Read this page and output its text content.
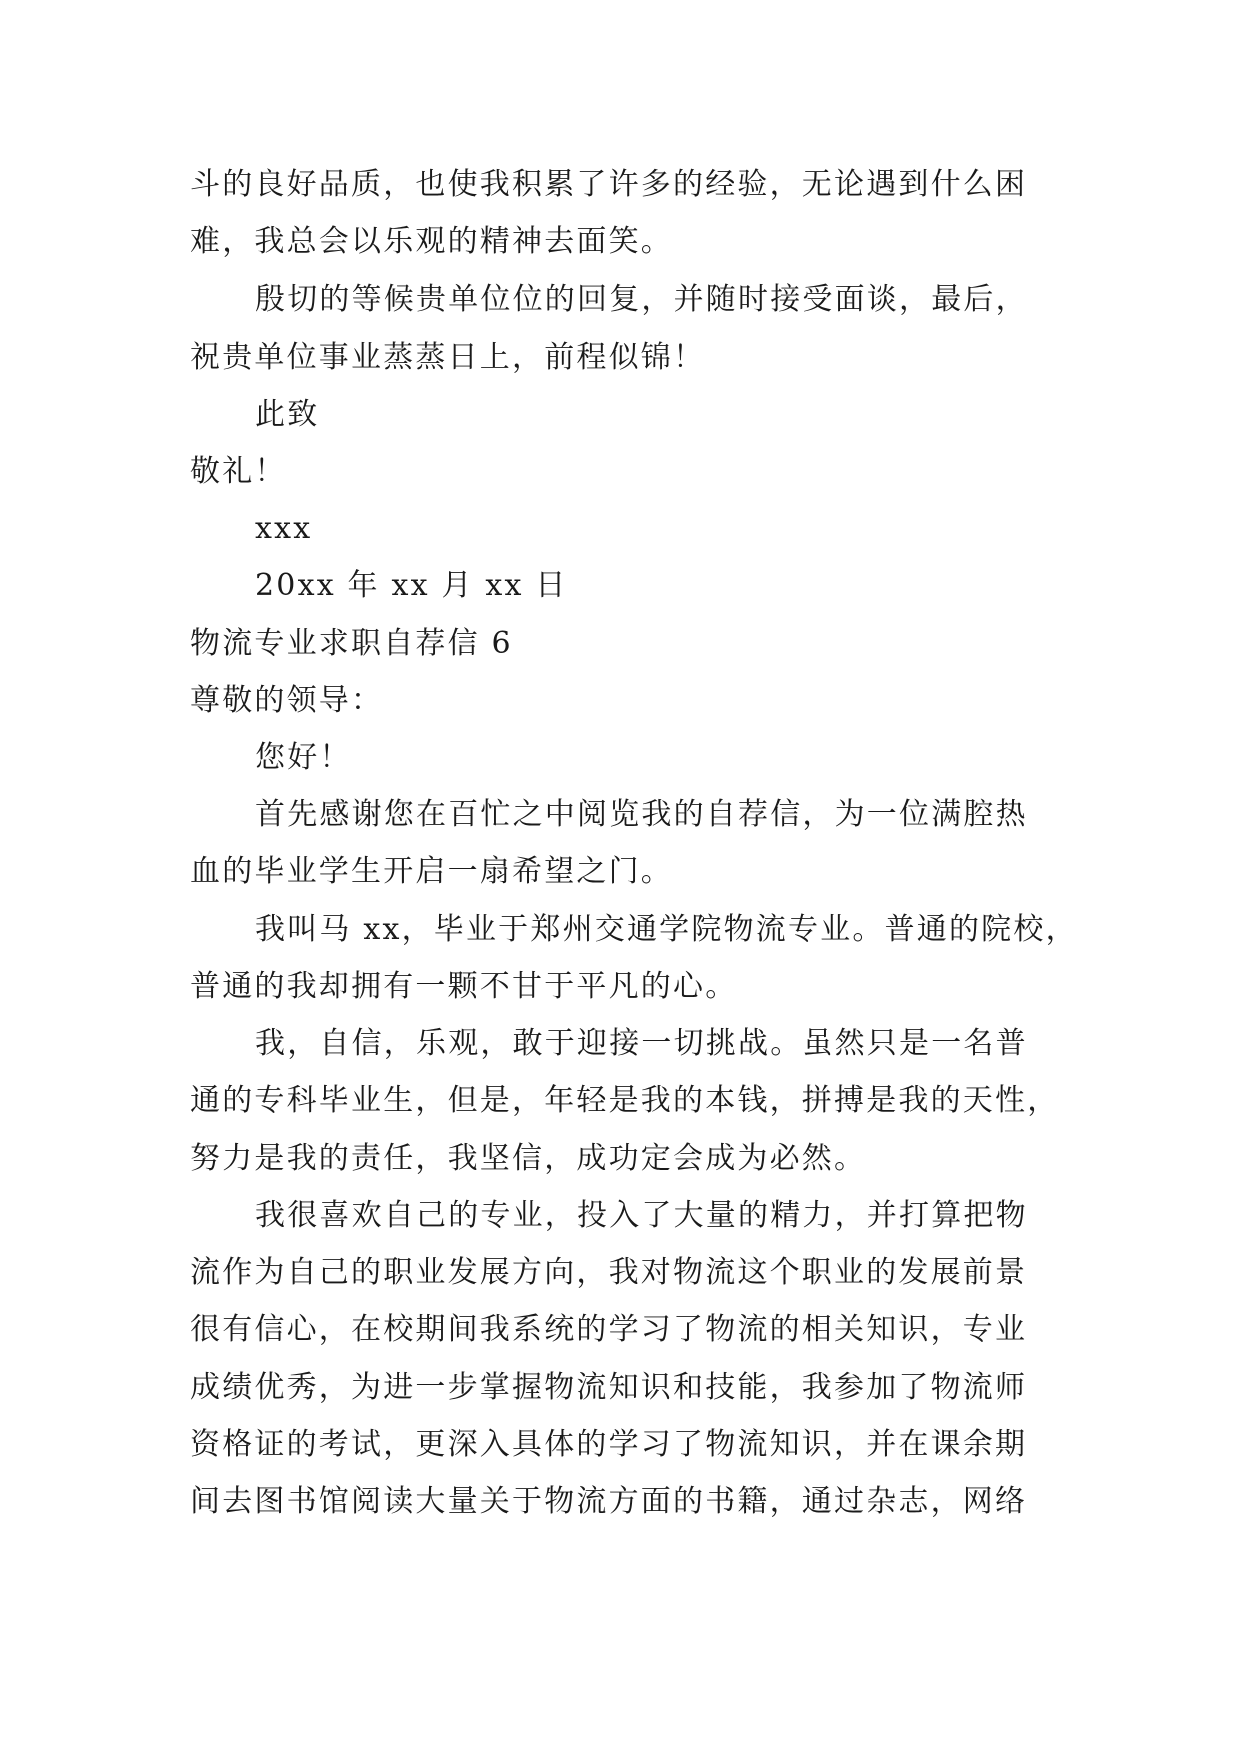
斗的良好品质，也使我积累了许多的经验，无论遇到什么困
难，我总会以乐观的精神去面笑。
殷切的等候贵单位位的回复，并随时接受面谈，最后，
祝贵单位事业蒸蒸日上，前程似锦！
此致
敬礼！
xxx
20xx 年 xx 月 xx 日
物流专业求职自荐信 6
尊敬的领导：
您好！
首先感谢您在百忙之中阅览我的自荐信，为一位满腔热
血的毕业学生开启一扇希望之门。
我叫马 xx，毕业于郑州交通学院物流专业。普通的院校，
普通的我却拥有一颗不甘于平凡的心。
我，自信，乐观，敢于迎接一切挑战。虽然只是一名普
通的专科毕业生，但是，年轻是我的本钱，拼搏是我的天性，
努力是我的责任，我坚信，成功定会成为必然。
我很喜欢自己的专业，投入了大量的精力，并打算把物
流作为自己的职业发展方向，我对物流这个职业的发展前景
很有信心，在校期间我系统的学习了物流的相关知识，专业
成绩优秀，为进一步掌握物流知识和技能，我参加了物流师
资格证的考试，更深入具体的学习了物流知识，并在课余期
间去图书馆阅读大量关于物流方面的书籍，通过杂志，网络
